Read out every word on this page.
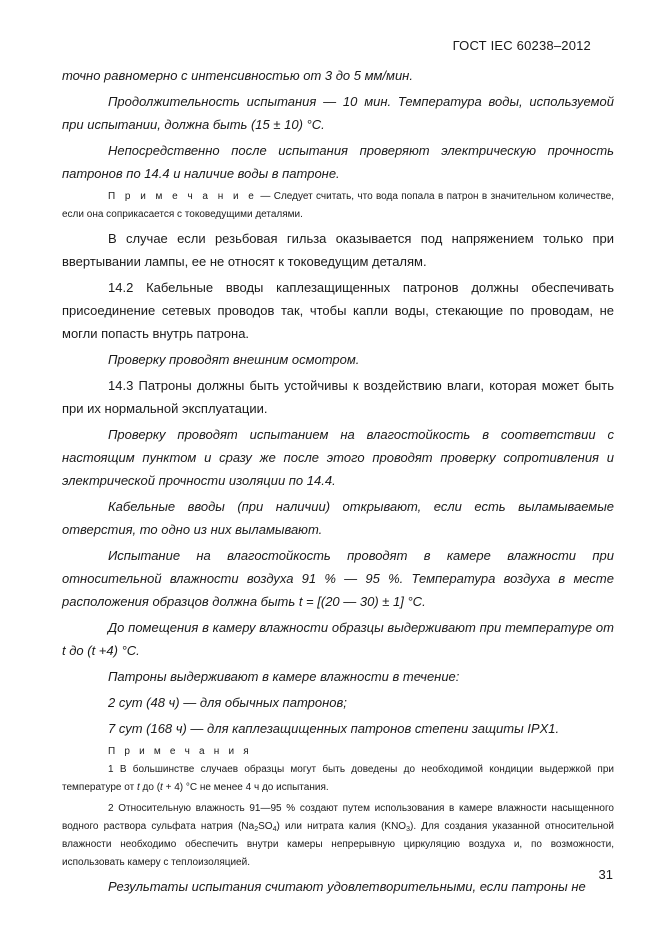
ГОСТ IEC 60238–2012

точно равномерно с интенсивностью от 3 до 5 мм/мин.

Продолжительность испытания — 10 мин. Температура воды, используемой при испытании, должна быть (15 ± 10) °С.

Непосредственно после испытания проверяют электрическую прочность патронов по 14.4 и наличие воды в патроне.

П р и м е ч а н и е — Следует считать, что вода попала в патрон в значительном количестве, если она соприкасается с токоведущими деталями.

В случае если резьбовая гильза оказывается под напряжением только при ввертывании лампы, ее не относят к токоведущим деталям.

14.2 Кабельные вводы каплезащищенных патронов должны обеспечивать присоединение сетевых проводов так, чтобы капли воды, стекающие по проводам, не могли попасть внутрь патрона.

Проверку проводят внешним осмотром.

14.3 Патроны должны быть устойчивы к воздействию влаги, которая может быть при их нормальной эксплуатации.

Проверку проводят испытанием на влагостойкость в соответствии с настоящим пунктом и сразу же после этого проводят проверку сопротивления и электрической прочности изоляции по 14.4.

Кабельные вводы (при наличии) открывают, если есть выламываемые отверстия, то одно из них выламывают.

Испытание на влагостойкость проводят в камере влажности при относительной влажности воздуха 91 % — 95 %. Температура воздуха в месте расположения образцов должна быть t = [(20 — 30) ± 1] °С.

До помещения в камеру влажности образцы выдерживают при температуре от t до (t +4) °С.

Патроны выдерживают в камере влажности в течение:

2 сут (48 ч) — для обычных патронов;

7 сут (168 ч) — для каплезащищенных патронов степени защиты IPX1.

П р и м е ч а н и я

1 В большинстве случаев образцы могут быть доведены до необходимой кондиции выдержкой при температуре от t до (t + 4) °С не менее 4 ч до испытания.

2 Относительную влажность 91—95 % создают путем использования в камере влажности насыщенного водного раствора сульфата натрия $(Na_2SO_4)$ или нитрата калия $(KNO_3)$. Для создания указанной относительной влажности необходимо обеспечить внутри камеры непрерывную циркуляцию воздуха и, по возможности, использовать камеру с теплоизоляцией.

Результаты испытания считают удовлетворительными, если патроны не

31
